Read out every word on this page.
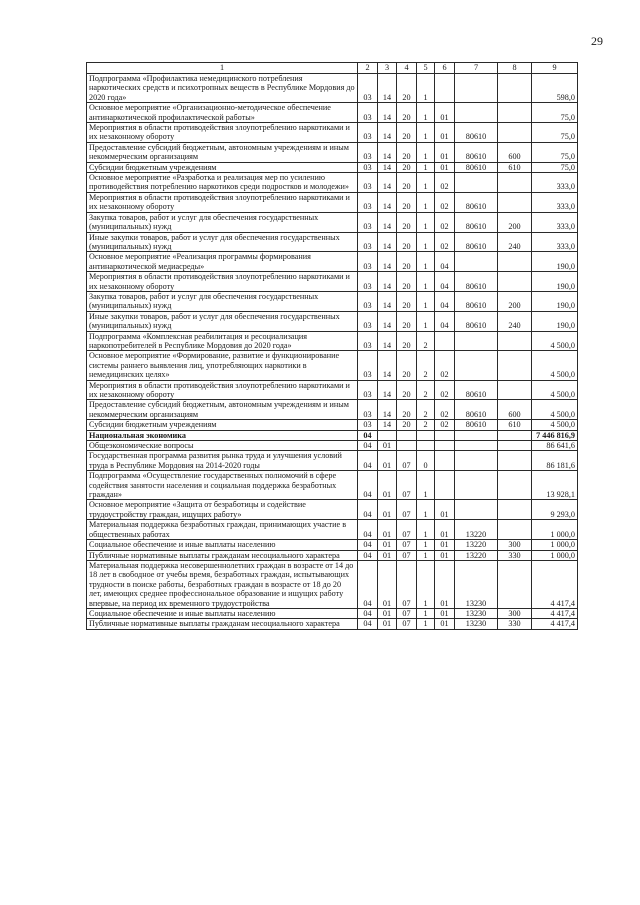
29
1	2	3	4	5	6	7	8	9
Подпрограмма «Профилактика немедицинского потребления наркотических средств и психотропных веществ в Республике Мордовия до 2020 года»	03	14	20	1				598,0
Основное мероприятие «Организационно-методическое обеспечение антинаркотической профилактической работы»	03	14	20	1	01			75,0
Мероприятия в области противодействия злоупотреблению наркотиками и их незаконному обороту	03	14	20	1	01	80610		75,0
Предоставление субсидий бюджетным, автономным учреждениям и иным некоммерческим организациям	03	14	20	1	01	80610	600	75,0
Субсидии бюджетным учреждениям	03	14	20	1	01	80610	610	75,0
Основное мероприятие «Разработка и реализация мер по усилению противодействия потреблению наркотиков среди подростков и молодежи»	03	14	20	1	02			333,0
Мероприятия в области противодействия злоупотреблению наркотиками и их незаконному обороту	03	14	20	1	02	80610		333,0
Закупка товаров, работ и услуг для обеспечения государственных (муниципальных) нужд	03	14	20	1	02	80610	200	333,0
Иные закупки товаров, работ и услуг для обеспечения государственных (муниципальных) нужд	03	14	20	1	02	80610	240	333,0
Основное мероприятие «Реализация программы формирования антинаркотической медиасреды»	03	14	20	1	04			190,0
Мероприятия в области противодействия злоупотреблению наркотиками и их незаконному обороту	03	14	20	1	04	80610		190,0
Закупка товаров, работ и услуг для обеспечения государственных (муниципальных) нужд	03	14	20	1	04	80610	200	190,0
Иные закупки товаров, работ и услуг для обеспечения государственных (муниципальных) нужд	03	14	20	1	04	80610	240	190,0
Подпрограмма «Комплексная реабилитация и ресоциализация наркопотребителей в Республике Мордовия до 2020 года»	03	14	20	2				4 500,0
Основное мероприятие «Формирование, развитие и функционирование системы раннего выявления лиц, употребляющих наркотики в немедицинских целях»	03	14	20	2	02			4 500,0
Мероприятия в области противодействия злоупотреблению наркотиками и их незаконному обороту	03	14	20	2	02	80610		4 500,0
Предоставление субсидий бюджетным, автономным учреждениям и иным некоммерческим организациям	03	14	20	2	02	80610	600	4 500,0
Субсидии бюджетным учреждениям	03	14	20	2	02	80610	610	4 500,0
Национальная экономика	04							7 446 816,9
Общеэкономические вопросы	04	01						86 641,6
Государственная программа развития рынка труда и улучшения условий труда в Республике Мордовия на 2014-2020 годы	04	01	07	0				86 181,6
Подпрограмма «Осуществление государственных полномочий в сфере содействия занятости населения и социальная поддержка безработных граждан»	04	01	07	1				13 928,1
Основное мероприятие «Защита от безработицы и содействие трудоустройству граждан, ищущих работу»	04	01	07	1	01			9 293,0
Материальная поддержка безработных граждан, принимающих участие в общественных работах	04	01	07	1	01	13220		1 000,0
Социальное обеспечение и иные выплаты населению	04	01	07	1	01	13220	300	1 000,0
Публичные нормативные выплаты гражданам несоциального характера	04	01	07	1	01	13220	330	1 000,0
Материальная поддержка несовершеннолетних граждан в возрасте от 14 до 18 лет в свободное от учебы время, безработных граждан, испытывающих трудности в поиске работы, безработных граждан в возрасте от 18 до 20 лет, имеющих среднее профессиональное образование и ищущих работу впервые, на период их временного трудоустройства	04	01	07	1	01	13230		4 417,4
Социальное обеспечение и иные выплаты населению	04	01	07	1	01	13230	300	4 417,4
Публичные нормативные выплаты гражданам несоциального характера	04	01	07	1	01	13230	330	4 417,4
